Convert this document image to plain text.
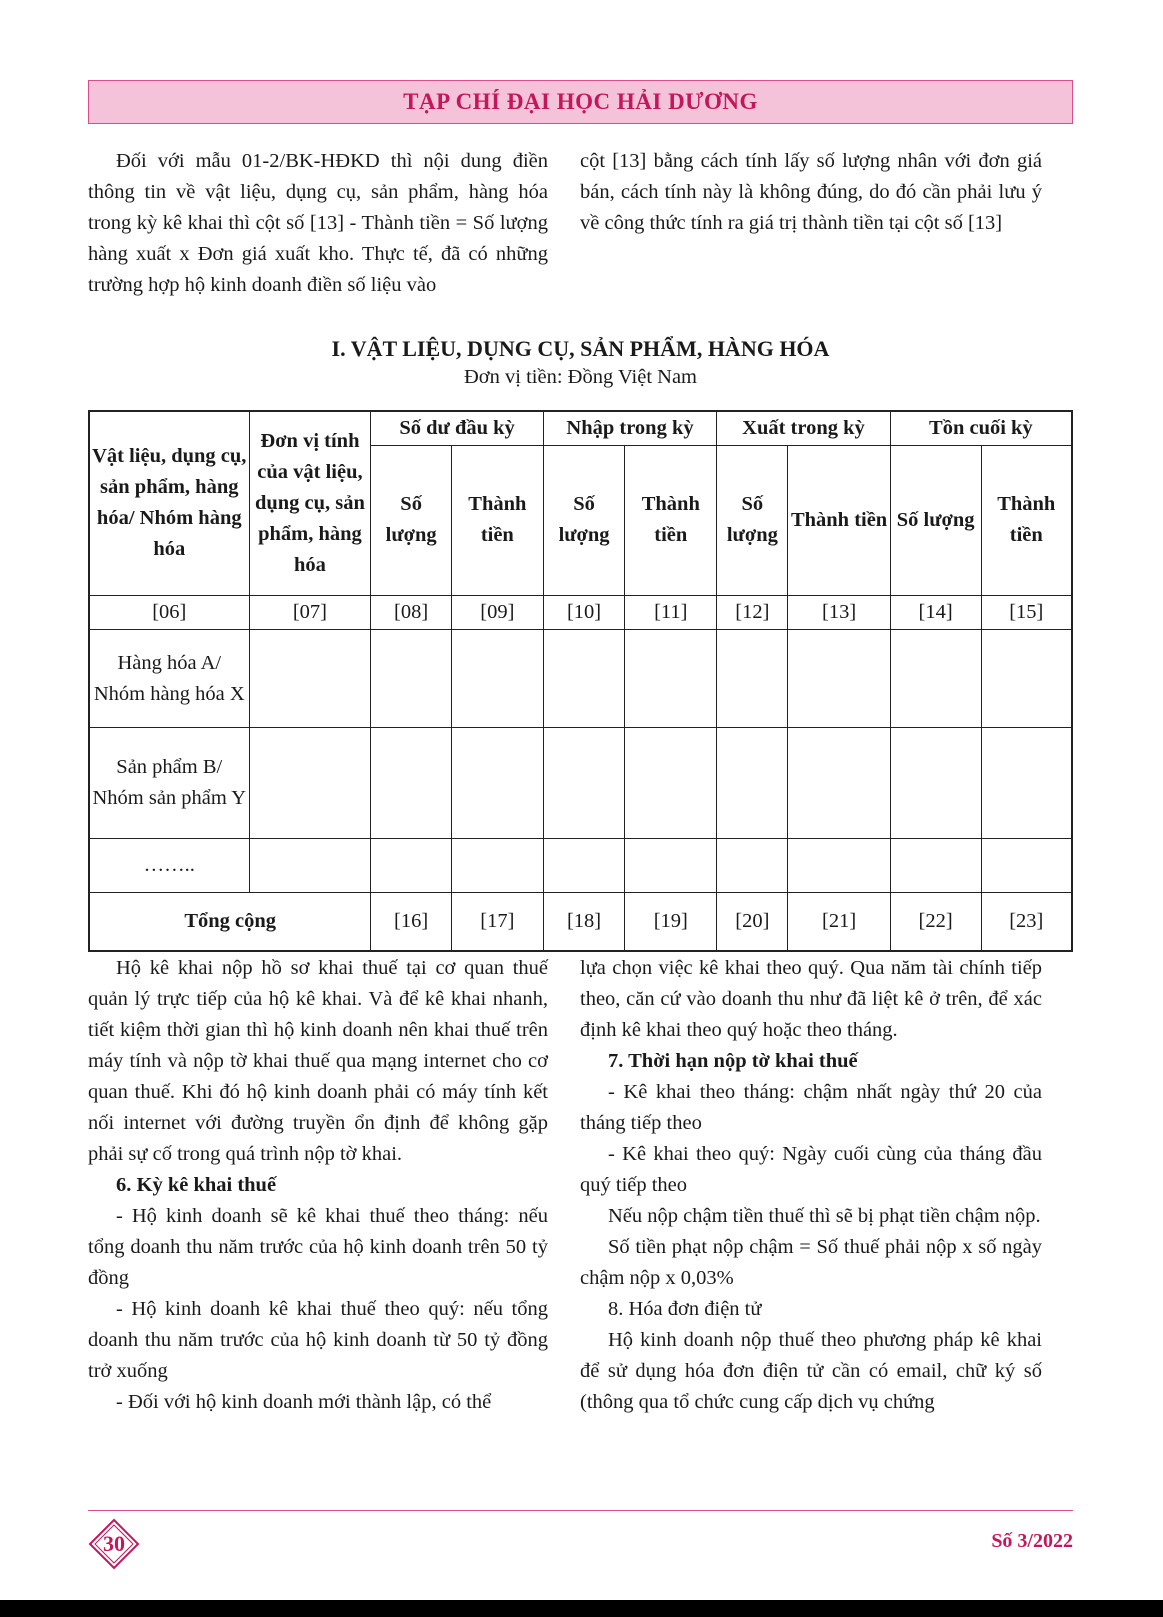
TẠP CHÍ ĐẠI HỌC HẢI DƯƠNG

Đối với mẫu 01-2/BK-HĐKD thì nội dung điền thông tin về vật liệu, dụng cụ, sản phẩm, hàng hóa trong kỳ kê khai thì cột số [13] - Thành tiền = Số lượng hàng xuất x Đơn giá xuất kho. Thực tế, đã có những trường hợp hộ kinh doanh điền số liệu vào

cột [13] bằng cách tính lấy số lượng nhân với đơn giá bán, cách tính này là không đúng, do đó cần phải lưu ý về công thức tính ra giá trị thành tiền tại cột số [13]

I. VẬT LIỆU, DỤNG CỤ, SẢN PHẨM, HÀNG HÓA
Đơn vị tiền: Đồng Việt Nam
Vật liệu, dụng cụ, sản phẩm, hàng hóa/ Nhóm hàng hóa	Đơn vị tính của vật liệu, dụng cụ, sản phẩm, hàng hóa	Số dư đầu kỳ		Nhập trong kỳ		Xuất trong kỳ		Tồn cuối kỳ	
		Số lượng	Thành tiền	Số lượng	Thành tiền	Số lượng	Thành tiền	Số lượng	Thành tiền
[06]	[07]	[08]	[09]	[10]	[11]	[12]	[13]	[14]	[15]
Hàng hóa A/ Nhóm hàng hóa X									
Sản phẩm B/ Nhóm sản phẩm Y									
……..									
Tổng cộng		[16]	[17]	[18]	[19]	[20]	[21]	[22]	[23]

Hộ kê khai nộp hồ sơ khai thuế tại cơ quan thuế quản lý trực tiếp của hộ kê khai. Và để kê khai nhanh, tiết kiệm thời gian thì hộ kinh doanh nên khai thuế trên máy tính và nộp tờ khai thuế qua mạng internet cho cơ quan thuế. Khi đó hộ kinh doanh phải có máy tính kết nối internet với đường truyền ổn định để không gặp phải sự cố trong quá trình nộp tờ khai.

6. Kỳ kê khai thuế

- Hộ kinh doanh sẽ kê khai thuế theo tháng: nếu tổng doanh thu năm trước của hộ kinh doanh trên 50 tỷ đồng

- Hộ kinh doanh kê khai thuế theo quý: nếu tổng doanh thu năm trước của hộ kinh doanh từ 50 tỷ đồng trở xuống

- Đối với hộ kinh doanh mới thành lập, có thể

lựa chọn việc kê khai theo quý. Qua năm tài chính tiếp theo, căn cứ vào doanh thu như đã liệt kê ở trên, để xác định kê khai theo quý hoặc theo tháng.

7. Thời hạn nộp tờ khai thuế

- Kê khai theo tháng: chậm nhất ngày thứ 20 của tháng tiếp theo

- Kê khai theo quý: Ngày cuối cùng của tháng đầu quý tiếp theo

Nếu nộp chậm tiền thuế thì sẽ bị phạt tiền chậm nộp.

Số tiền phạt nộp chậm = Số thuế phải nộp x số ngày chậm nộp x 0,03%

8. Hóa đơn điện tử

Hộ kinh doanh nộp thuế theo phương pháp kê khai để sử dụng hóa đơn điện tử cần có email, chữ ký số (thông qua tổ chức cung cấp dịch vụ chứng

30	Số 3/2022
